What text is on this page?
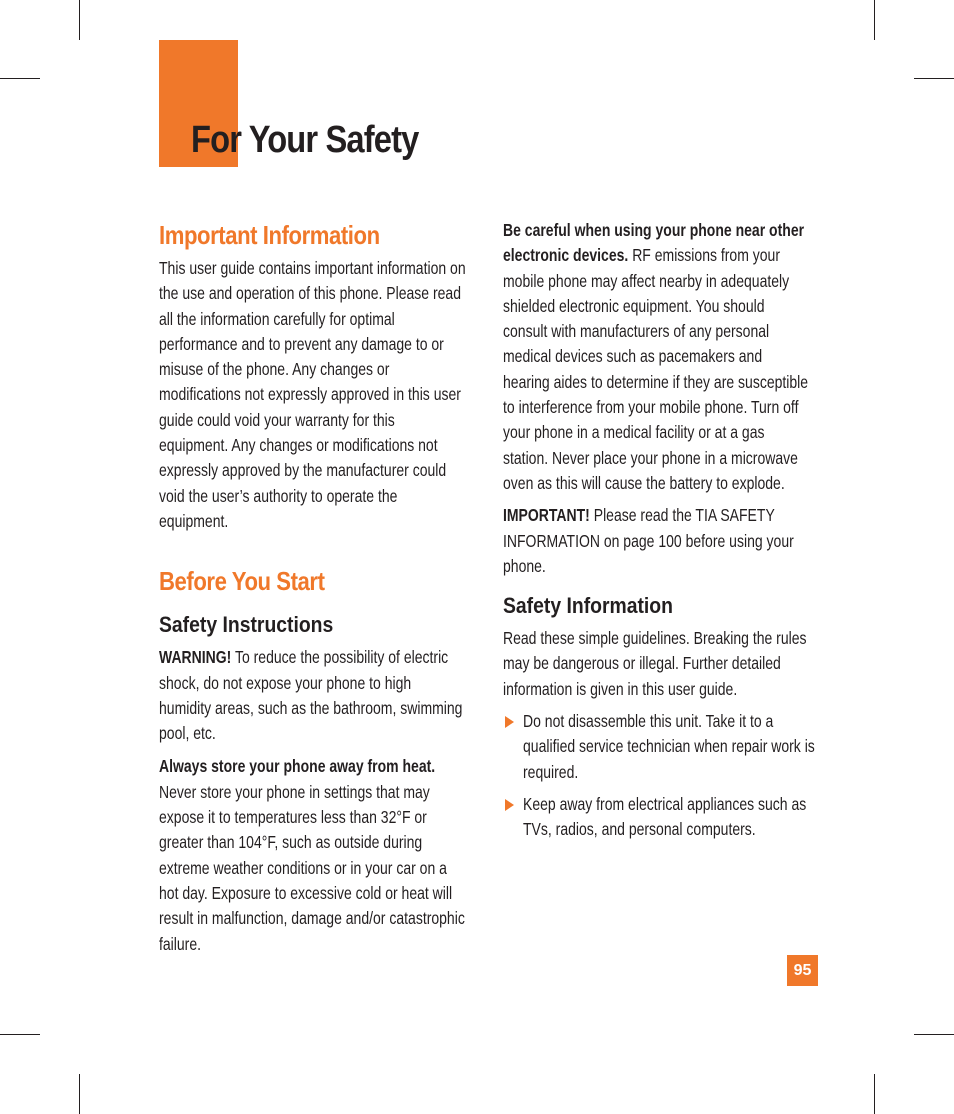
For Your Safety
Important Information

This user guide contains important information on the use and operation of this phone. Please read all the information carefully for optimal performance and to prevent any damage to or misuse of the phone. Any changes or modifications not expressly approved in this user guide could void your warranty for this equipment. Any changes or modifications not expressly approved by the manufacturer could void the user’s authority to operate the equipment.

Before You Start
Safety Instructions

WARNING! To reduce the possibility of electric shock, do not expose your phone to high humidity areas, such as the bathroom, swimming pool, etc.

Always store your phone away from heat. Never store your phone in settings that may expose it to temperatures less than 32°F or greater than 104°F, such as outside during extreme weather conditions or in your car on a hot day. Exposure to excessive cold or heat will result in malfunction, damage and/or catastrophic failure.

Be careful when using your phone near other electronic devices. RF emissions from your mobile phone may affect nearby in adequately shielded electronic equipment. You should consult with manufacturers of any personal medical devices such as pacemakers and hearing aides to determine if they are susceptible to interference from your mobile phone. Turn off your phone in a medical facility or at a gas station. Never place your phone in a microwave oven as this will cause the battery to explode.

IMPORTANT! Please read the TIA SAFETY INFORMATION on page 100 before using your phone.

Safety Information

Read these simple guidelines. Breaking the rules may be dangerous or illegal. Further detailed information is given in this user guide.

Do not disassemble this unit. Take it to a qualified service technician when repair work is required.

Keep away from electrical appliances such as TVs, radios, and personal computers.

95
